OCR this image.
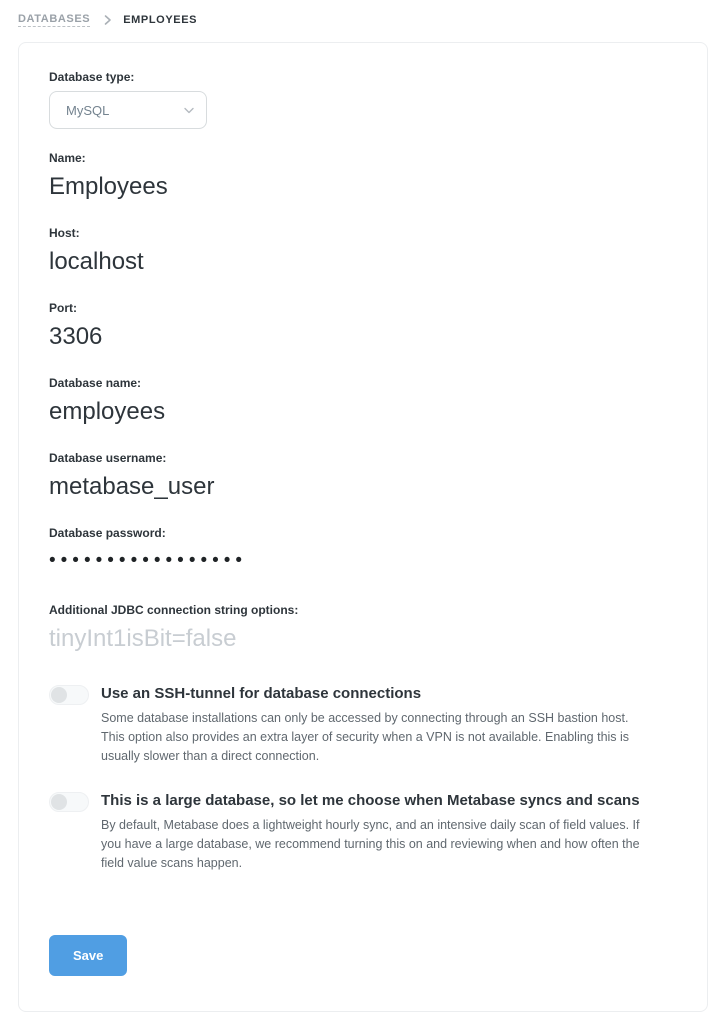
DATABASES	EMPLOYEES
Database type:
MySQL
Name:
Employees
Host:
localhost
Port:
3306
Database name:
employees
Database username:
metabase_user
Database password:
•••••••••••••••••
Additional JDBC connection string options:
tinyInt1isBit=false
Use an SSH-tunnel for database connections
Some database installations can only be accessed by connecting through an SSH bastion host. This option also provides an extra layer of security when a VPN is not available. Enabling this is usually slower than a direct connection.
This is a large database, so let me choose when Metabase syncs and scans
By default, Metabase does a lightweight hourly sync, and an intensive daily scan of field values. If you have a large database, we recommend turning this on and reviewing when and how often the field value scans happen.
Save
